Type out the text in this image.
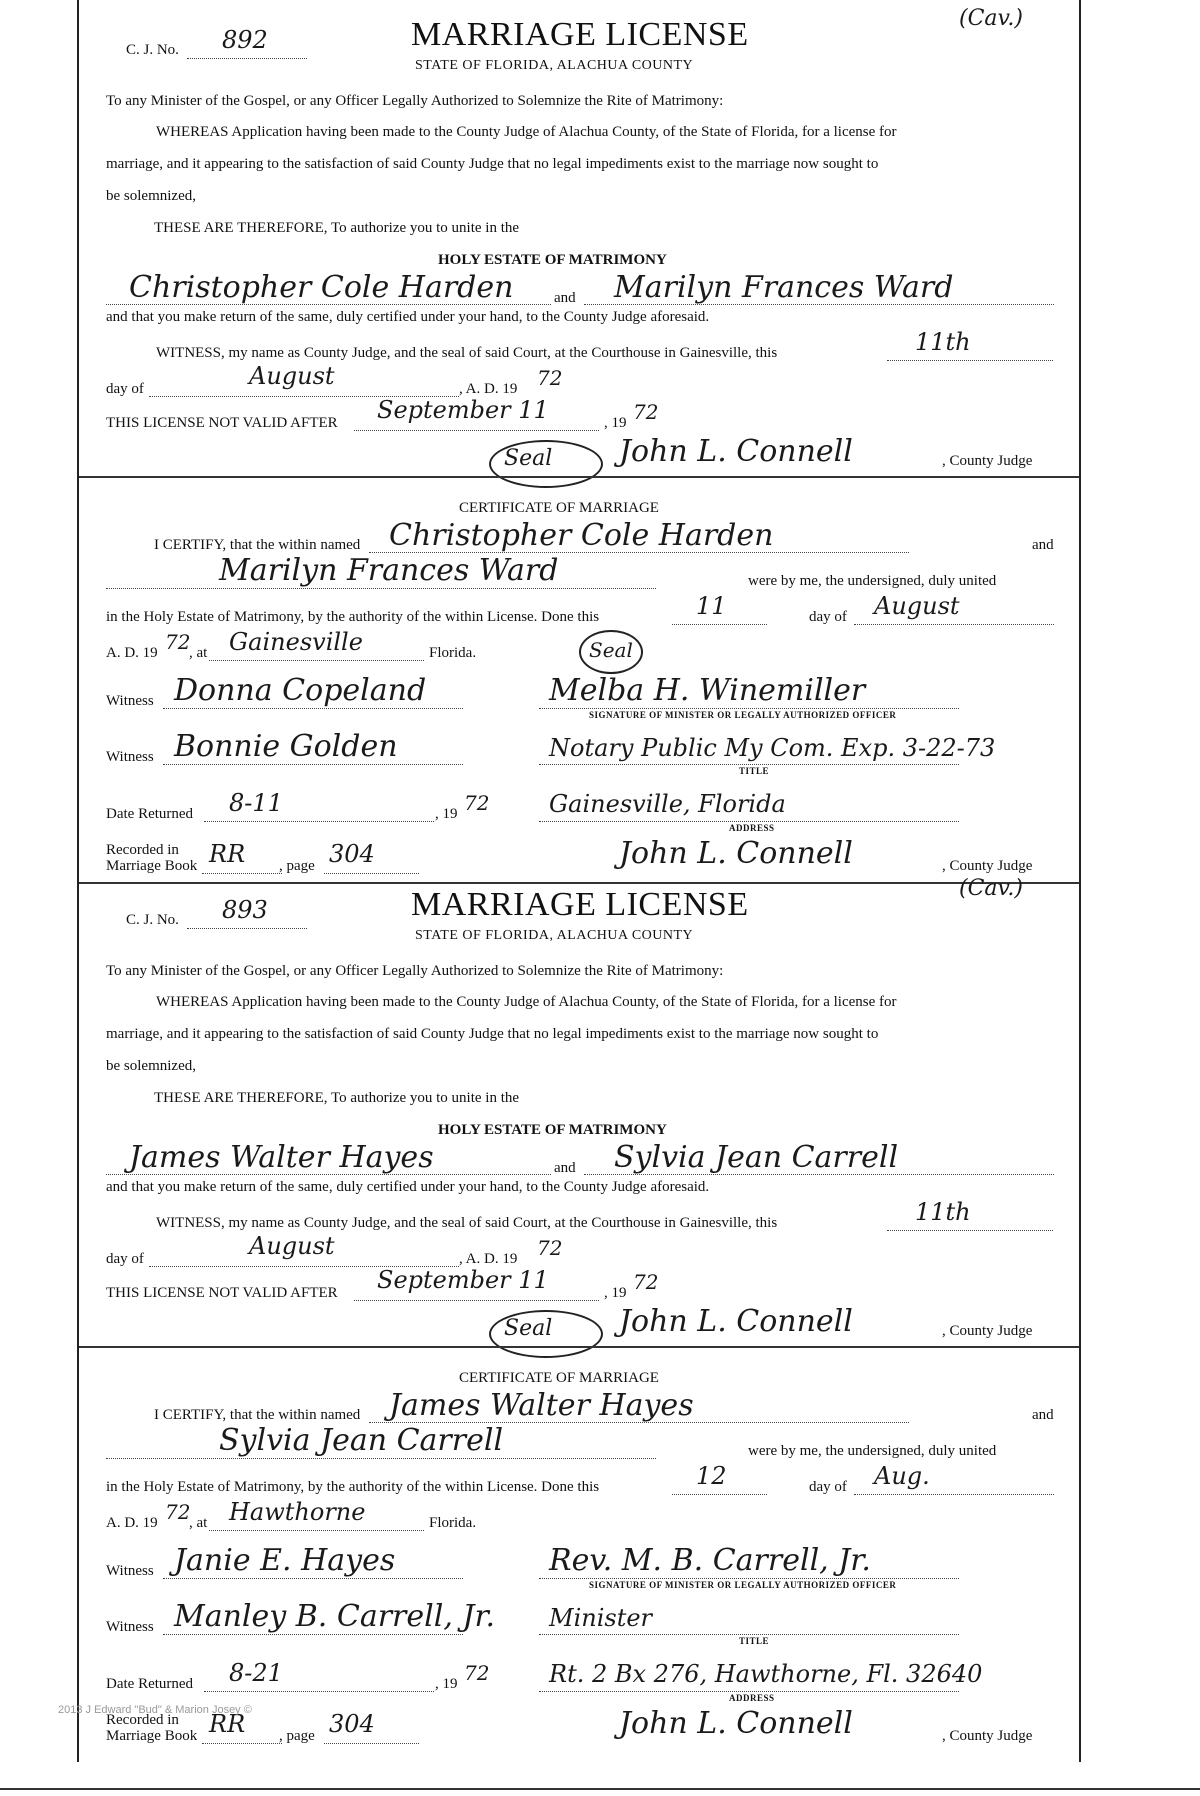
C. J. No. 892	MARRIAGE LICENSE	(Cav.)
STATE OF FLORIDA, ALACHUA COUNTY
To any Minister of the Gospel, or any Officer Legally Authorized to Solemnize the Rite of Matrimony:
WHEREAS Application having been made to the County Judge of Alachua County, of the State of Florida, for a license for
marriage, and it appearing to the satisfaction of said County Judge that no legal impediments exist to the marriage now sought to
be solemnized,
THESE ARE THEREFORE, To authorize you to unite in the
HOLY ESTATE OF MATRIMONY
Christopher Cole Harden	and Marilyn Frances Ward
and that you make return of the same, duly certified under your hand, to the County Judge aforesaid.
WITNESS, my name as County Judge, and the seal of said Court, at the Courthouse in Gainesville, this	11th
day of	August	, A. D. 19 72
THIS LICENSE NOT VALID AFTER September 11	, 19 72
Seal John L. Connell	, County Judge
CERTIFICATE OF MARRIAGE
I CERTIFY, that the within named Christopher Cole Harden	and
Marilyn Frances Ward	were by me, the undersigned, duly united
in the Holy Estate of Matrimony, by the authority of the within License. Done this	11	day of August
A. D. 19 72
, at Gainesville	Florida.	Seal
Witness Donna Copeland	Melba H. Winemiller
SIGNATURE OF MINISTER OR LEGALLY AUTHORIZED OFFICER
Witness Bonnie Golden	Notary Public My Com. Exp. 3-22-73
TITLE
Date Returned 8-11	, 19 72 Gainesville, Florida
ADDRESS
Recorded in
Marriage Book RR , page 304	John L. Connell	, County Judge
C. J. No. 893	MARRIAGE LICENSE	(Cav.)
STATE OF FLORIDA, ALACHUA COUNTY
To any Minister of the Gospel, or any Officer Legally Authorized to Solemnize the Rite of Matrimony:
WHEREAS Application having been made to the County Judge of Alachua County, of the State of Florida, for a license for
marriage, and it appearing to the satisfaction of said County Judge that no legal impediments exist to the marriage now sought to
be solemnized,
THESE ARE THEREFORE, To authorize you to unite in the
HOLY ESTATE OF MATRIMONY
James Walter Hayes	and Sylvia Jean Carrell
and that you make return of the same, duly certified under your hand, to the County Judge aforesaid.
WITNESS, my name as County Judge, and the seal of said Court, at the Courthouse in Gainesville, this	11th
day of	August	, A. D. 19 72
THIS LICENSE NOT VALID AFTER September 11	, 19 72
Seal John L. Connell	, County Judge
CERTIFICATE OF MARRIAGE
I CERTIFY, that the within named James Walter Hayes	and
Sylvia Jean Carrell	were by me, the undersigned, duly united
in the Holy Estate of Matrimony, by the authority of the within License. Done this	12	day of Aug.
A. D. 19 72
, at Hawthorne	Florida.
Witness Janie E. Hayes	Rev. M. B. Carrell, Jr.
SIGNATURE OF MINISTER OR LEGALLY AUTHORIZED OFFICER
Witness Manley B. Carrell, Jr. Minister
TITLE
Date Returned 8-21	, 19 72 Rt. 2 Bx 276, Hawthorne, Fl. 32640
ADDRESS
Recorded in
Marriage Book RR , page 304	John L. Connell	, County Judge
2013 J Edward "Bud" & Marion Josey ©
